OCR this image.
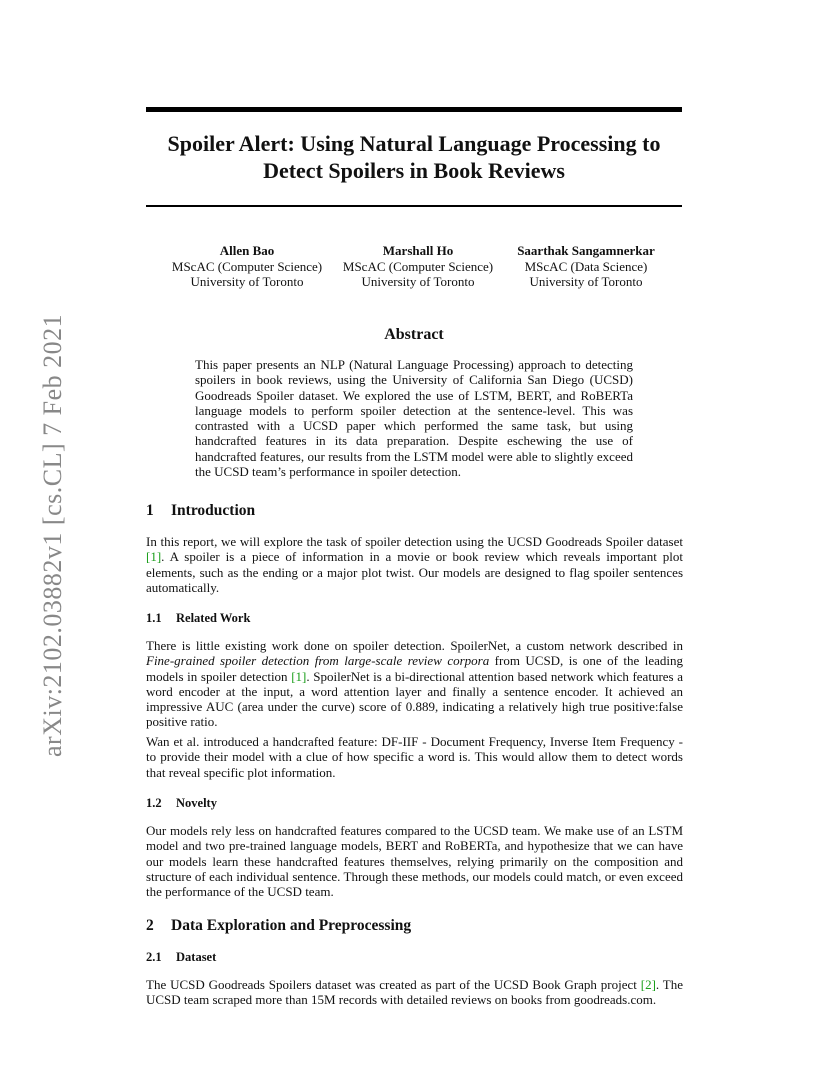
arXiv:2102.03882v1 [cs.CL] 7 Feb 2021
Spoiler Alert: Using Natural Language Processing to
Detect Spoilers in Book Reviews
Allen Bao
MScAC (Computer Science)
University of Toronto
Marshall Ho
MScAC (Computer Science)
University of Toronto
Saarthak Sangamnerkar
MScAC (Data Science)
University of Toronto
Abstract
This paper presents an NLP (Natural Language Processing) approach to detecting spoilers in book reviews, using the University of California San Diego (UCSD) Goodreads Spoiler dataset. We explored the use of LSTM, BERT, and RoBERTa language models to perform spoiler detection at the sentence-level. This was contrasted with a UCSD paper which performed the same task, but using handcrafted features in its data preparation. Despite eschewing the use of handcrafted features, our results from the LSTM model were able to slightly exceed the UCSD team’s performance in spoiler detection.
1 Introduction
In this report, we will explore the task of spoiler detection using the UCSD Goodreads Spoiler dataset [1]. A spoiler is a piece of information in a movie or book review which reveals important plot elements, such as the ending or a major plot twist. Our models are designed to flag spoiler sentences automatically.
1.1 Related Work
There is little existing work done on spoiler detection. SpoilerNet, a custom network described in Fine-grained spoiler detection from large-scale review corpora from UCSD, is one of the leading models in spoiler detection [1]. SpoilerNet is a bi-directional attention based network which features a word encoder at the input, a word attention layer and finally a sentence encoder. It achieved an impressive AUC (area under the curve) score of 0.889, indicating a relatively high true positive:false positive ratio.
Wan et al. introduced a handcrafted feature: DF-IIF - Document Frequency, Inverse Item Frequency - to provide their model with a clue of how specific a word is. This would allow them to detect words that reveal specific plot information.
1.2 Novelty
Our models rely less on handcrafted features compared to the UCSD team. We make use of an LSTM model and two pre-trained language models, BERT and RoBERTa, and hypothesize that we can have our models learn these handcrafted features themselves, relying primarily on the composition and structure of each individual sentence. Through these methods, our models could match, or even exceed the performance of the UCSD team.
2 Data Exploration and Preprocessing
2.1 Dataset
The UCSD Goodreads Spoilers dataset was created as part of the UCSD Book Graph project [2]. The UCSD team scraped more than 15M records with detailed reviews on books from goodreads.com.
